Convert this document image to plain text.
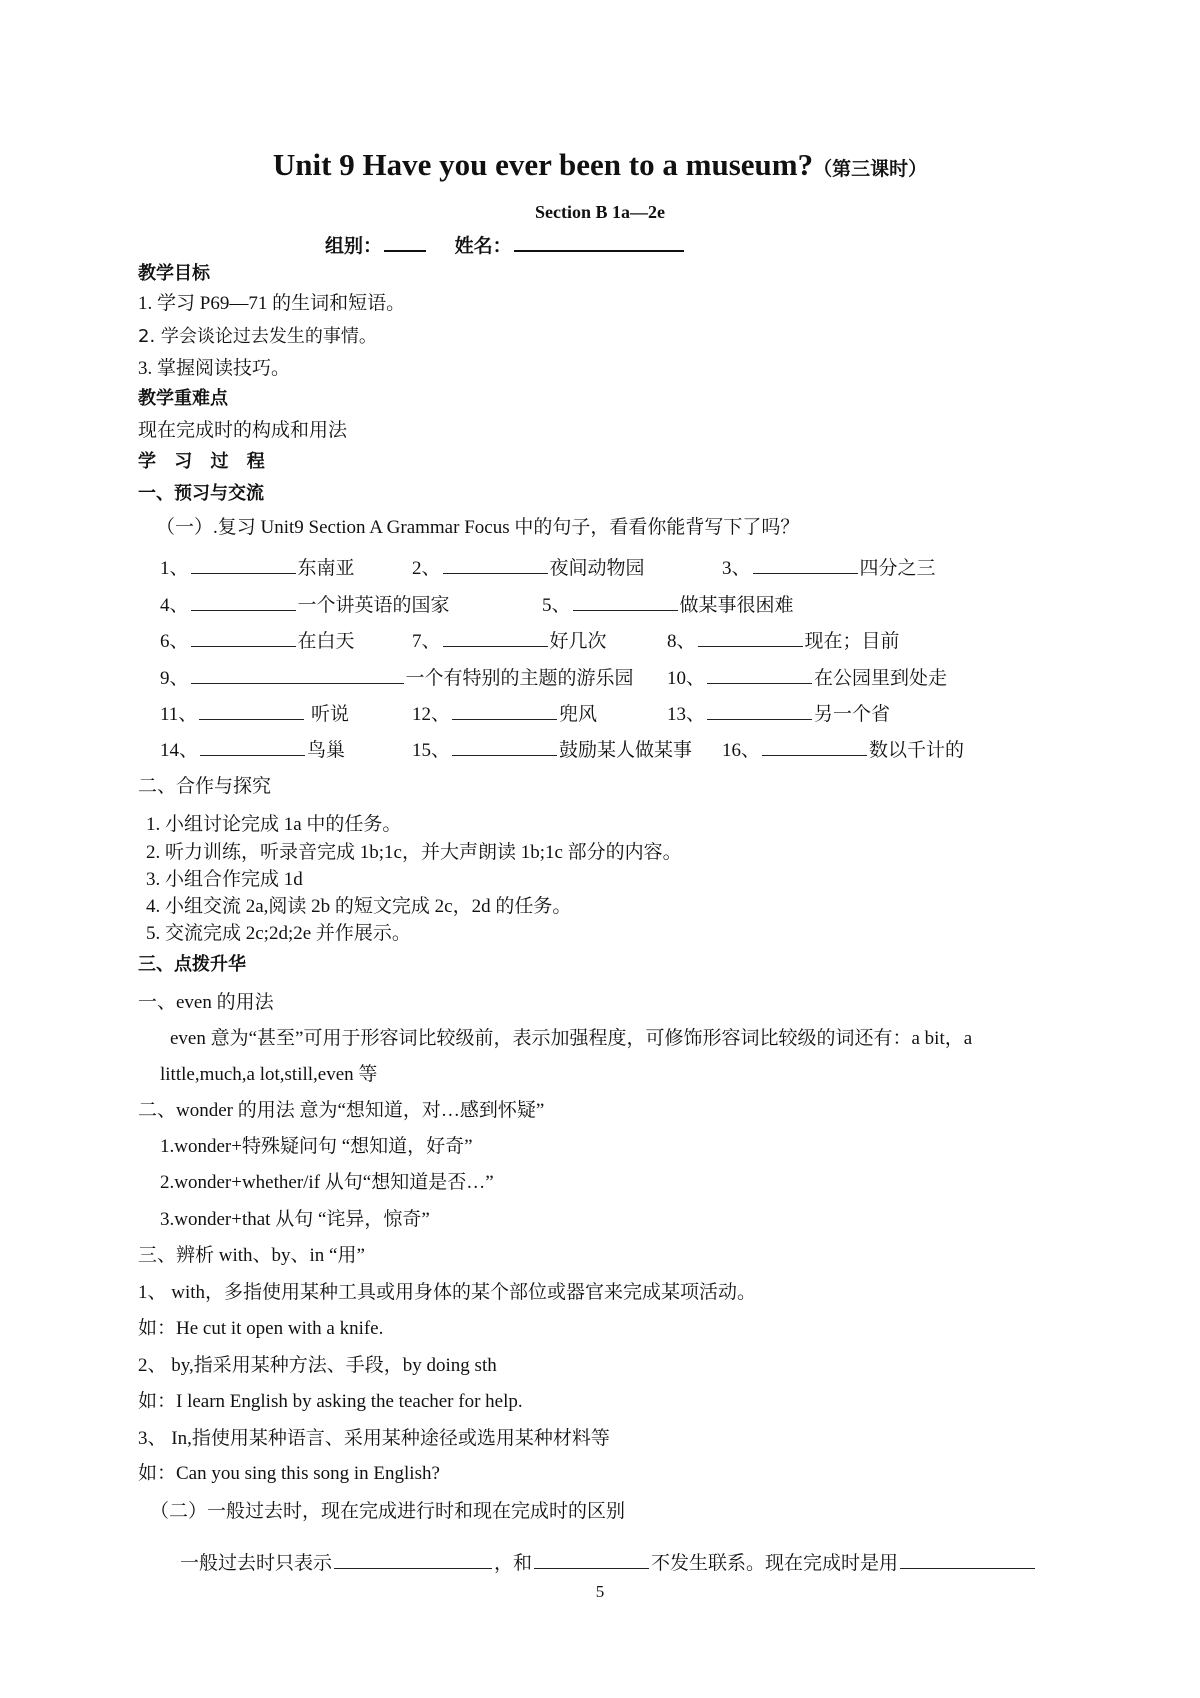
Unit 9 Have you ever been to a museum?（第三课时）
Section B 1a—2e
组别：	姓名：
教学目标
1. 学习 P69—71 的生词和短语。
2. 学会谈论过去发生的事情。
3. 掌握阅读技巧。
教学重难点
现在完成时的构成和用法
学 习 过 程
一、预习与交流
（一）.复习 Unit9 Section A Grammar Focus 中的句子，看看你能背写下了吗？
1、	东南亚	2、	夜间动物园	3、	四分之三
4、	一个讲英语的国家	5、	做某事很困难
6、	在白天	7、	好几次	8、	现在；目前
9、	一个有特别的主题的游乐园 10、	在公园里到处走
11、	听说	12、	兜风	13、	另一个省
14、	鸟巢	15、	鼓励某人做某事 16、	数以千计的
二、合作与探究
1. 小组讨论完成 1a 中的任务。
2. 听力训练，听录音完成 1b;1c，并大声朗读 1b;1c 部分的内容。
3. 小组合作完成 1d
4. 小组交流 2a,阅读 2b 的短文完成 2c，2d 的任务。
5. 交流完成 2c;2d;2e 并作展示。
三、点拨升华
一、even 的用法
even 意为“甚至”可用于形容词比较级前，表示加强程度，可修饰形容词比较级的词还有：a bit，a
little,much,a lot,still,even 等
二、wonder 的用法 意为“想知道，对…感到怀疑”
1.wonder+特殊疑问句 “想知道，好奇”
2.wonder+whether/if 从句“想知道是否…”
3.wonder+that 从句 “诧异，惊奇”
三、辨析 with、by、in “用”
1、 with，多指使用某种工具或用身体的某个部位或器官来完成某项活动。
如：He cut it open with a knife.
2、 by,指采用某种方法、手段，by doing sth
如：I learn English by asking the teacher for help.
3、 In,指使用某种语言、采用某种途径或选用某种材料等
如：Can you sing this song in English?
（二）一般过去时，现在完成进行时和现在完成时的区别
一般过去时只表示	，和	不发生联系。现在完成时是用
5
